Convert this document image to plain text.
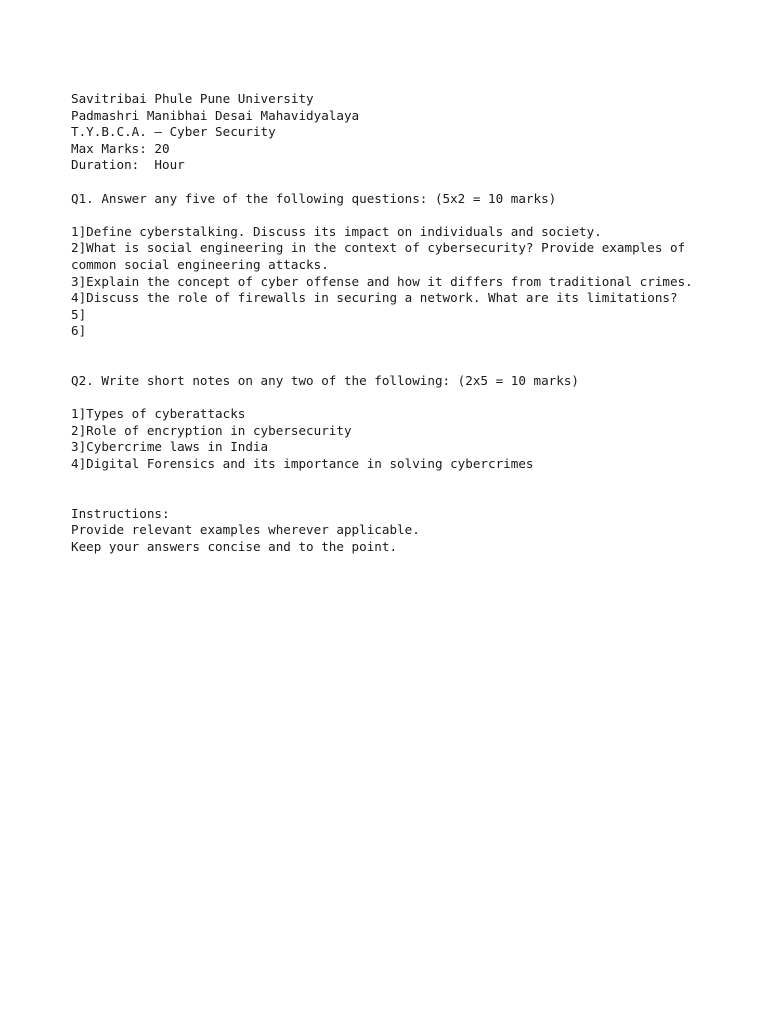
Savitribai Phule Pune University
Padmashri Manibhai Desai Mahavidyalaya
T.Y.B.C.A. – Cyber Security
Max Marks: 20
Duration:  Hour
Q1. Answer any five of the following questions: (5x2 = 10 marks)
1]Define cyberstalking. Discuss its impact on individuals and society.
2]What is social engineering in the context of cybersecurity? Provide examples of
common social engineering attacks.
3]Explain the concept of cyber offense and how it differs from traditional crimes.
4]Discuss the role of firewalls in securing a network. What are its limitations?
5]
6]
Q2. Write short notes on any two of the following: (2x5 = 10 marks)
1]Types of cyberattacks
2]Role of encryption in cybersecurity
3]Cybercrime laws in India
4]Digital Forensics and its importance in solving cybercrimes
Instructions:
Provide relevant examples wherever applicable.
Keep your answers concise and to the point.
